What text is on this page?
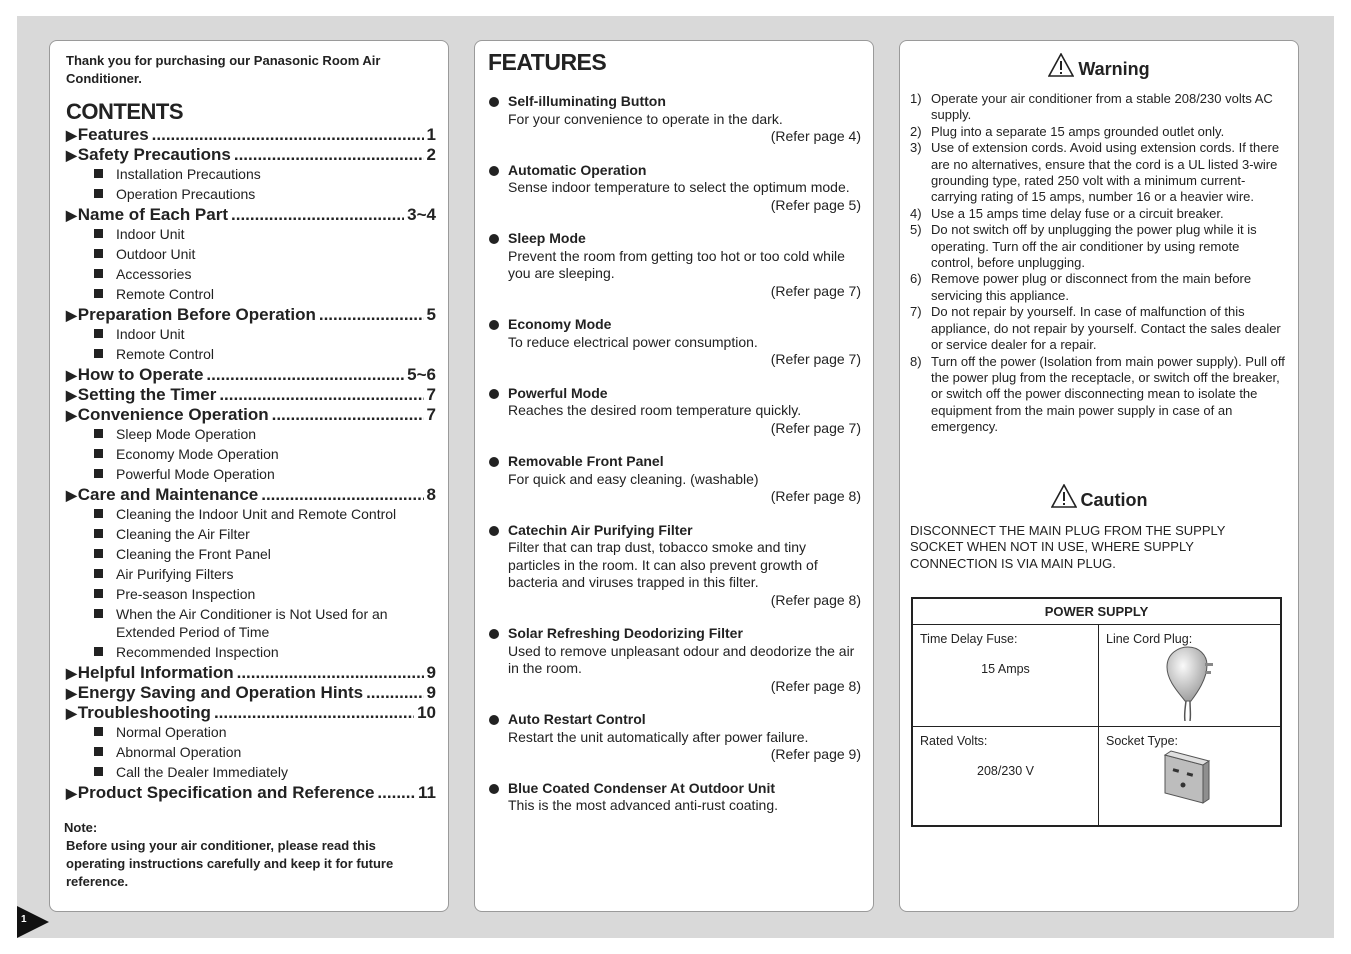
Thank you for purchasing our Panasonic Room Air Conditioner.
CONTENTS
▶ Features .....	1
▶ Safety Precautions .....	2
Installation Precautions
Operation Precautions
▶ Name of Each Part .....	3~4
Indoor Unit
Outdoor Unit
Accessories
Remote Control
▶ Preparation Before Operation .....	5
Indoor Unit
Remote Control
▶ How to Operate .....	5~6
▶ Setting the Timer .....	7
▶ Convenience Operation .....	7
Sleep Mode Operation
Economy Mode Operation
Powerful Mode Operation
▶ Care and Maintenance .....	8
Cleaning the Indoor Unit and Remote Control
Cleaning the Air Filter
Cleaning the Front Panel
Air Purifying Filters
Pre-season Inspection
When the Air Conditioner is Not Used for an Extended Period of Time
Recommended Inspection
▶ Helpful Information .....	9
▶ Energy Saving and Operation Hints .....	9
▶ Troubleshooting .....	10
Normal Operation
Abnormal Operation
Call the Dealer Immediately
▶ Product Specification and Reference .....	11
Note:
Before using your air conditioner, please read this operating instructions carefully and keep it for future reference.
FEATURES
Self-illuminating Button
For your convenience to operate in the dark.
(Refer page 4)
Automatic Operation
Sense indoor temperature to select the optimum mode.
(Refer page 5)
Sleep Mode
Prevent the room from getting too hot or too cold while you are sleeping.
(Refer page 7)
Economy Mode
To reduce electrical power consumption.
(Refer page 7)
Powerful Mode
Reaches the desired room temperature quickly.
(Refer page 7)
Removable Front Panel
For quick and easy cleaning. (washable)
(Refer page 8)
Catechin Air Purifying Filter
Filter that can trap dust, tobacco smoke and tiny particles in the room. It can also prevent growth of bacteria and viruses trapped in this filter.
(Refer page 8)
Solar Refreshing Deodorizing Filter
Used to remove unpleasant odour and deodorize the air in the room.
(Refer page 8)
Auto Restart Control
Restart the unit automatically after power failure.
(Refer page 9)
Blue Coated Condenser At Outdoor Unit
This is the most advanced anti-rust coating.
Warning
1) Operate your air conditioner from a stable 208/230 volts AC supply.
2) Plug into a separate 15 amps grounded outlet only.
3) Use of extension cords. Avoid using extension cords. If there are no alternatives, ensure that the cord is a UL listed 3-wire grounding type, rated 250 volt with a minimum current-carrying rating of 15 amps, number 16 or a heavier wire.
4) Use a 15 amps time delay fuse or a circuit breaker.
5) Do not switch off by unplugging the power plug while it is operating. Turn off the air conditioner by using remote control, before unplugging.
6) Remove power plug or disconnect from the main before servicing this appliance.
7) Do not repair by yourself. In case of malfunction of this appliance, do not repair by yourself. Contact the sales dealer or service dealer for a repair.
8) Turn off the power (Isolation from main power supply). Pull off the power plug from the receptacle, or switch off the breaker, or switch off the power disconnecting mean to isolate the equipment from the main power supply in case of an emergency.
Caution
DISCONNECT THE MAIN PLUG FROM THE SUPPLY SOCKET WHEN NOT IN USE, WHERE SUPPLY CONNECTION IS VIA MAIN PLUG.
POWER SUPPLY
Time Delay Fuse:
15 Amps
Line Cord Plug:
Rated Volts:
208/230 V
Socket Type:
1
